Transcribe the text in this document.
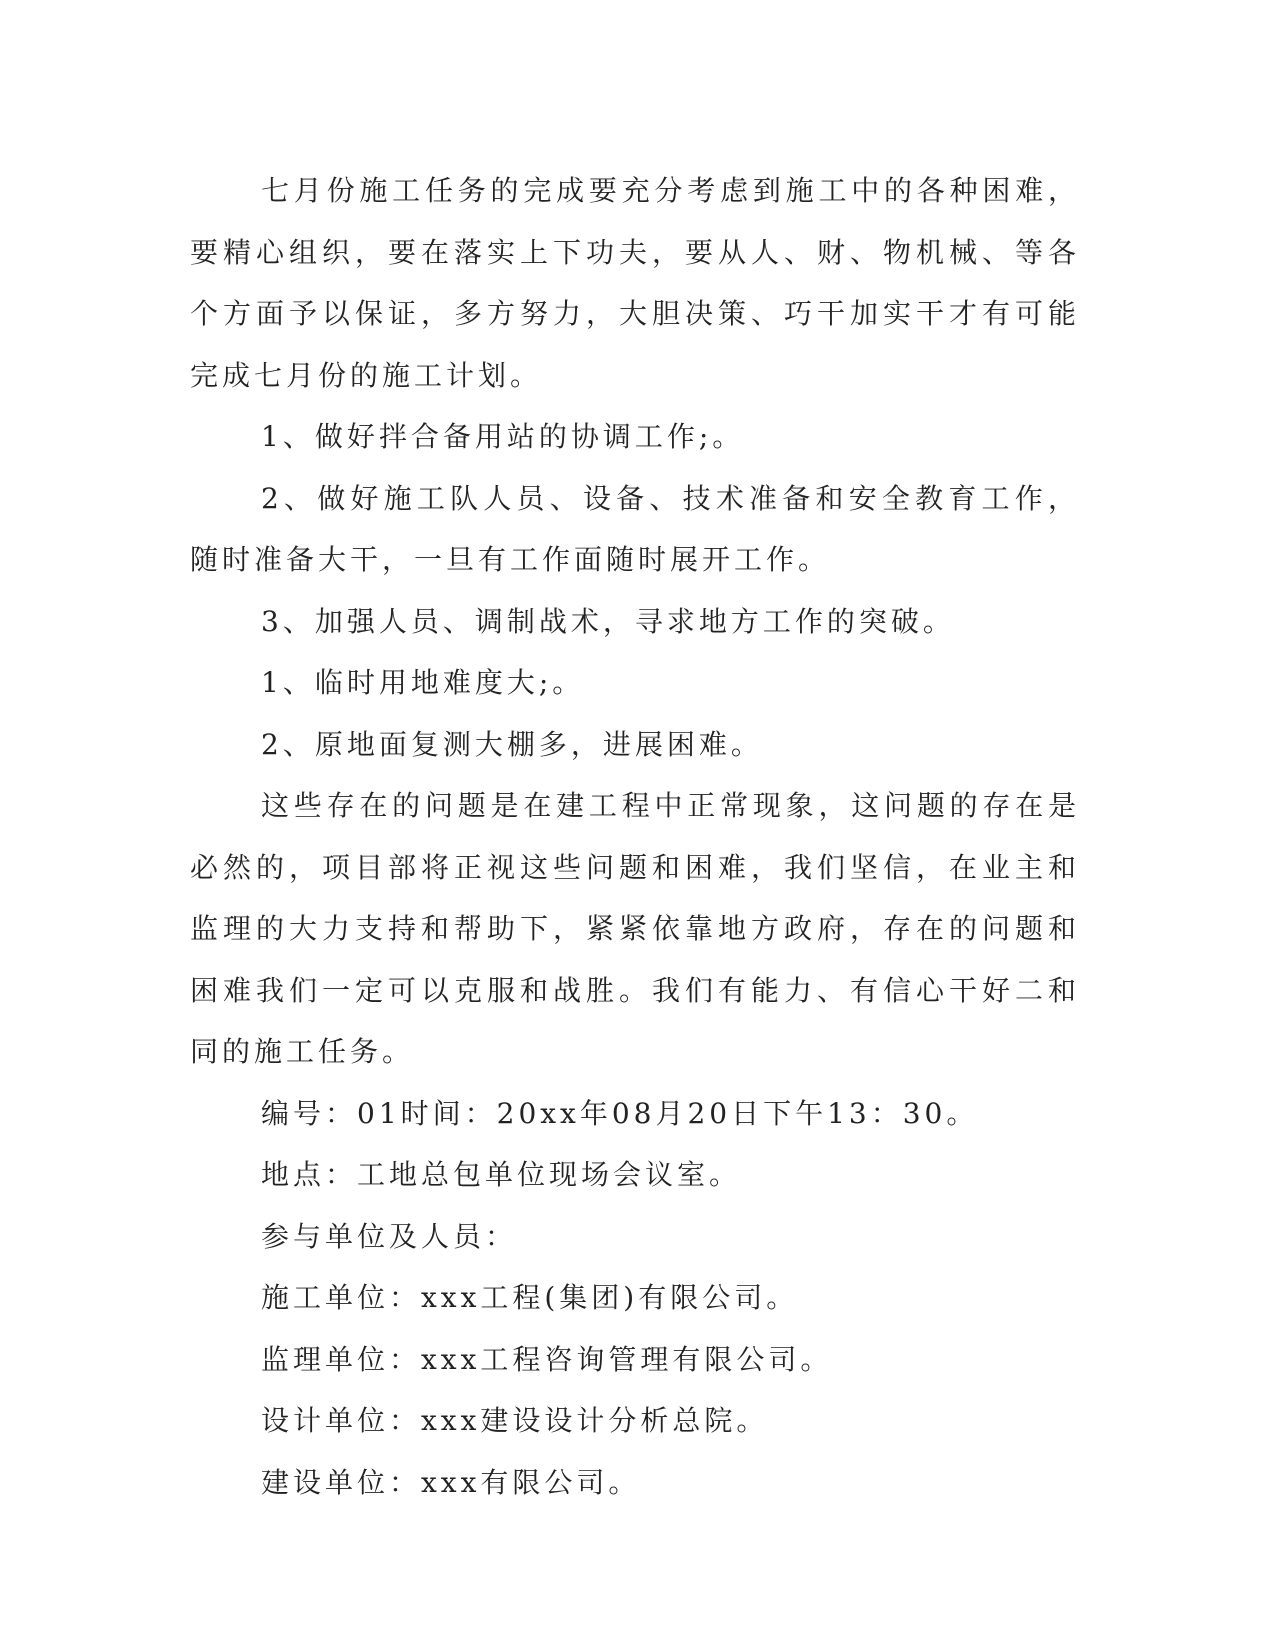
七月份施工任务的完成要充分考虑到施工中的各种困难，要精心组织，要在落实上下功夫，要从人、财、物机械、等各个方面予以保证，多方努力，大胆决策、巧干加实干才有可能完成七月份的施工计划。

1、做好拌合备用站的协调工作;。

2、做好施工队人员、设备、技术准备和安全教育工作，随时准备大干，一旦有工作面随时展开工作。

3、加强人员、调制战术，寻求地方工作的突破。

1、临时用地难度大;。

2、原地面复测大棚多，进展困难。

这些存在的问题是在建工程中正常现象，这问题的存在是必然的，项目部将正视这些问题和困难，我们坚信，在业主和监理的大力支持和帮助下，紧紧依靠地方政府，存在的问题和困难我们一定可以克服和战胜。我们有能力、有信心干好二和同的施工任务。

编号：01时间：20xx年08月20日下午13：30。

地点：工地总包单位现场会议室。

参与单位及人员：

施工单位：xxx工程(集团)有限公司。

监理单位：xxx工程咨询管理有限公司。

设计单位：xxx建设设计分析总院。

建设单位：xxx有限公司。
